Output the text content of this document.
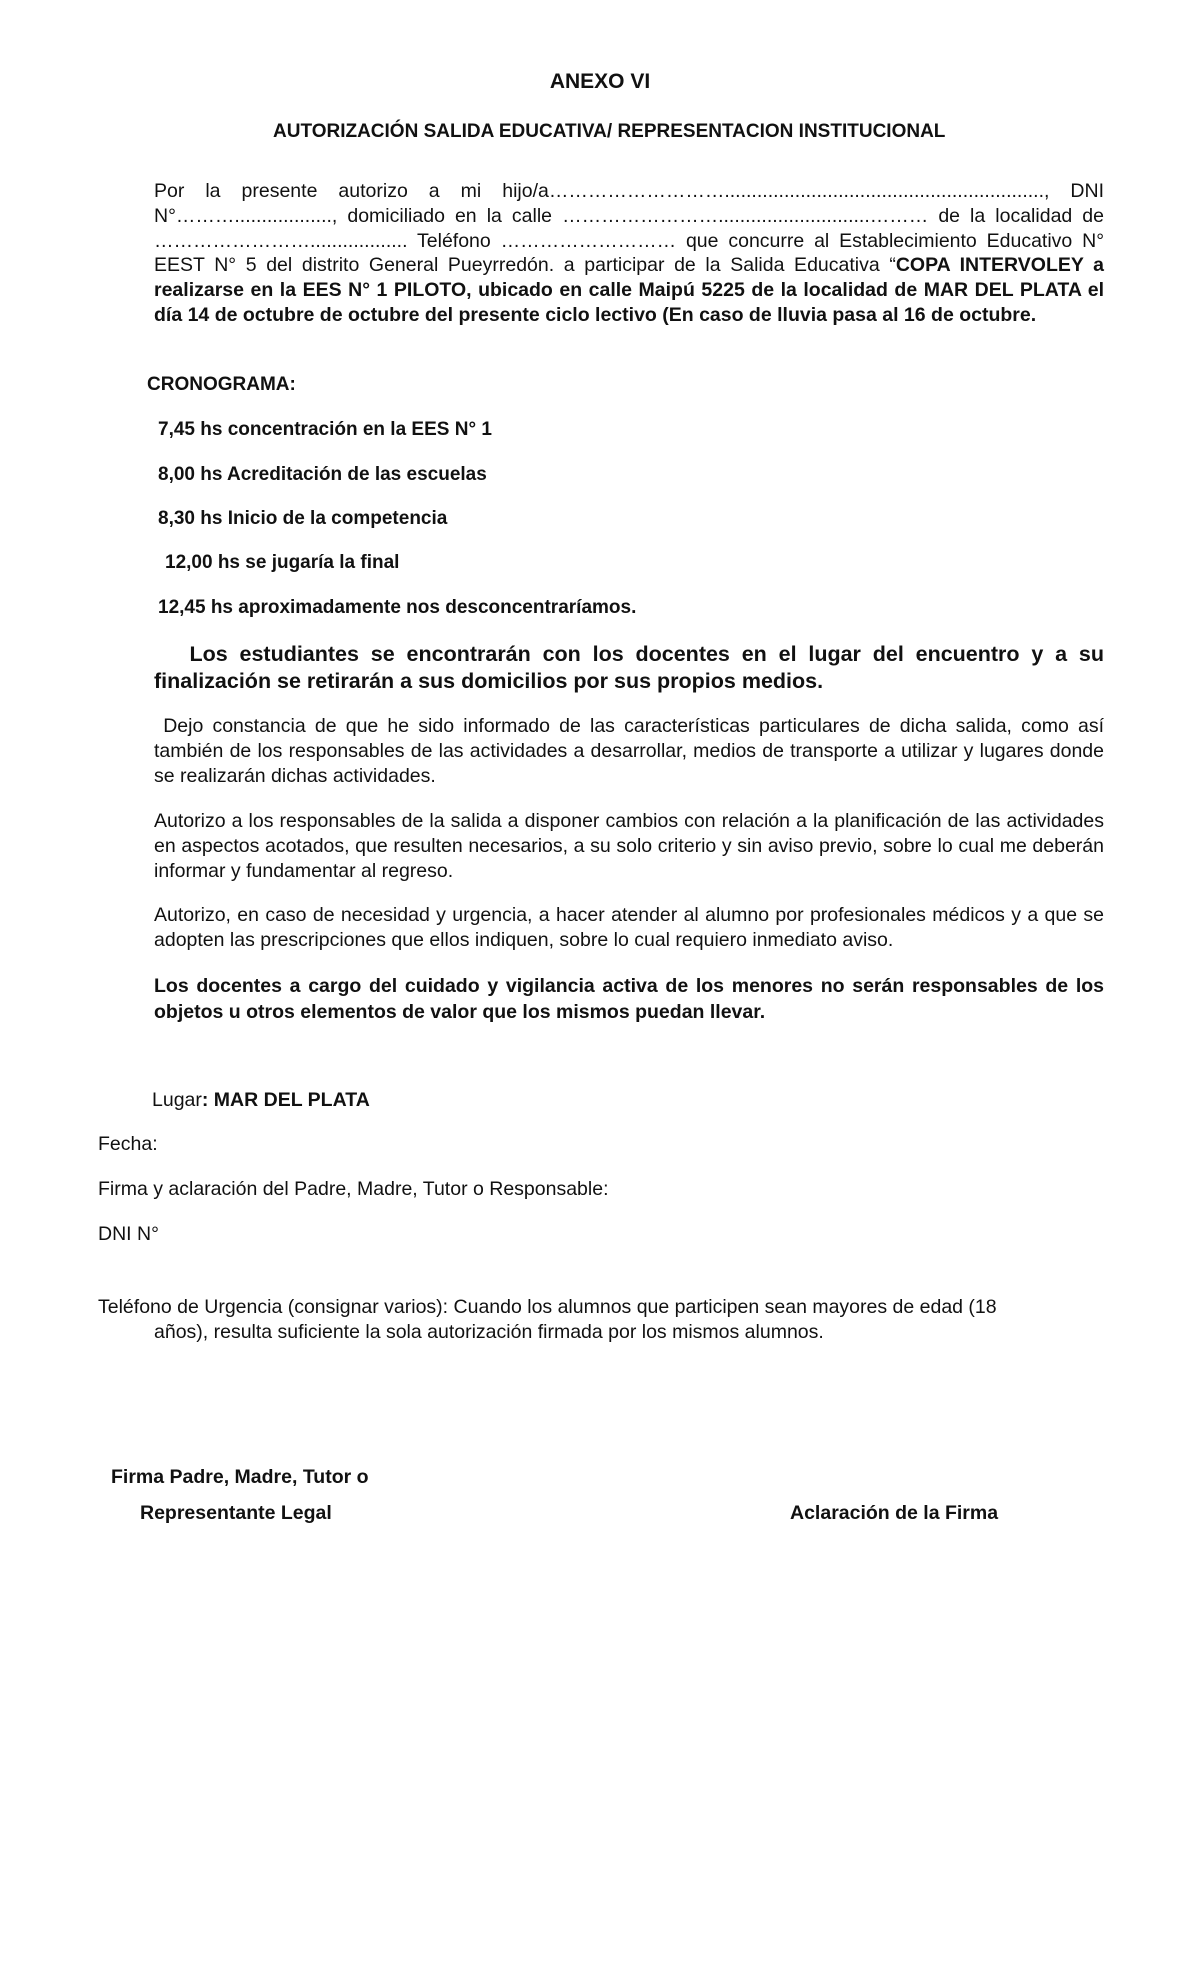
ANEXO VI
AUTORIZACIÓN SALIDA EDUCATIVA/ REPRESENTACION INSTITUCIONAL
Por la presente autorizo a mi hijo/a………………………..........................................................., DNI N°……….................., domiciliado en la calle ……………………............................……… de la localidad de …………………….................. Teléfono ……………………… que concurre al Establecimiento Educativo N° EEST N° 5 del distrito General Pueyrredón. a participar de la Salida Educativa “COPA INTERVOLEY a realizarse en la EES N° 1 PILOTO, ubicado en calle Maipú 5225 de la localidad de MAR DEL PLATA el día 14 de octubre de octubre del presente ciclo lectivo (En caso de lluvia pasa al 16 de octubre.
CRONOGRAMA:
7,45 hs concentración en la EES N° 1
8,00 hs Acreditación de las escuelas
8,30 hs Inicio de la competencia
12,00 hs se jugaría la final
12,45 hs aproximadamente nos desconcentraríamos.
Los estudiantes se encontrarán con los docentes en el lugar del encuentro y a su finalización se retirarán a sus domicilios por sus propios medios.
Dejo constancia de que he sido informado de las características particulares de dicha salida, como así también de los responsables de las actividades a desarrollar, medios de transporte a utilizar y lugares donde se realizarán dichas actividades.
Autorizo a los responsables de la salida a disponer cambios con relación a la planificación de las actividades en aspectos acotados, que resulten necesarios, a su solo criterio y sin aviso previo, sobre lo cual me deberán informar y fundamentar al regreso.
Autorizo, en caso de necesidad y urgencia, a hacer atender al alumno por profesionales médicos y a que se adopten las prescripciones que ellos indiquen, sobre lo cual requiero inmediato aviso.
Los docentes a cargo del cuidado y vigilancia activa de los menores no serán responsables de los objetos u otros elementos de valor que los mismos puedan llevar.
Lugar: MAR DEL PLATA
Fecha:
Firma y aclaración del Padre, Madre, Tutor o Responsable:
DNI N°
Teléfono de Urgencia (consignar varios): Cuando los alumnos que participen sean mayores de edad (18
años), resulta suficiente la sola autorización firmada por los mismos alumnos.
Firma Padre, Madre, Tutor o
Representante Legal	Aclaración de la Firma
